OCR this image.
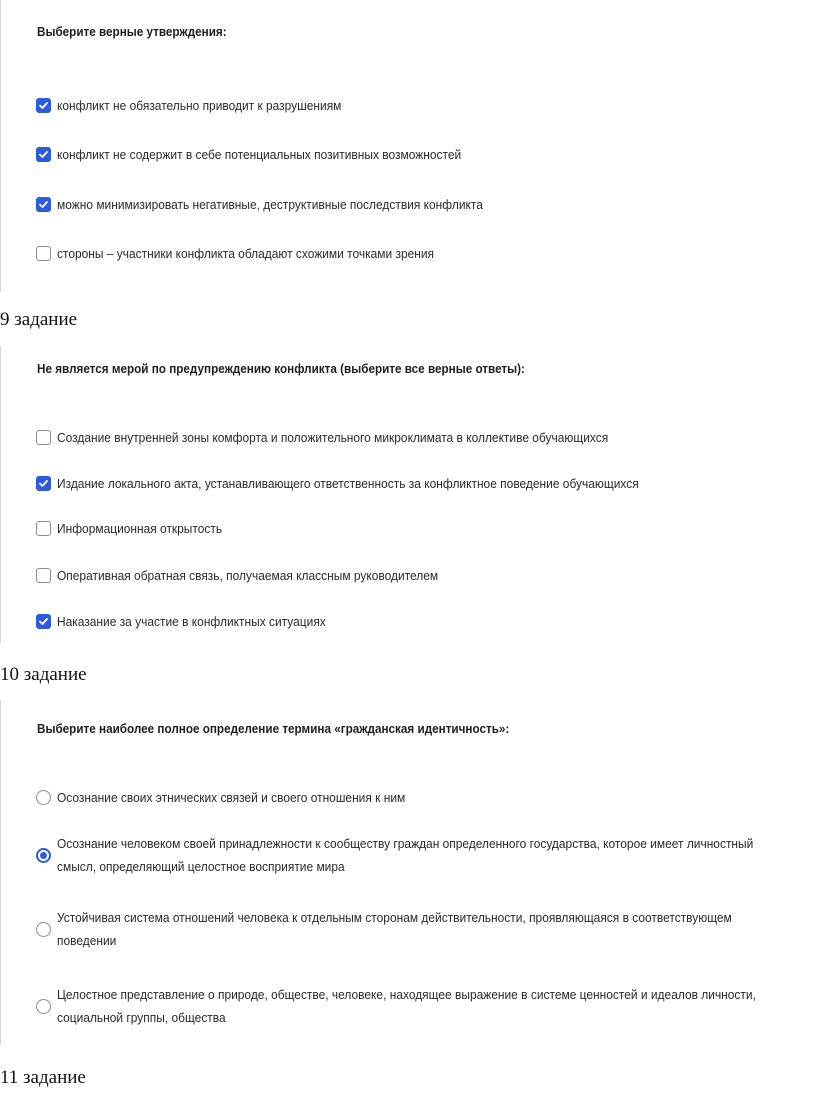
Выберите верные утверждения:
конфликт не обязательно приводит к разрушениям
конфликт не содержит в себе потенциальных позитивных возможностей
можно минимизировать негативные, деструктивные последствия конфликта
стороны – участники конфликта обладают схожими точками зрения
9 задание
Не является мерой по предупреждению конфликта (выберите все верные ответы):
Создание внутренней зоны комфорта и положительного микроклимата в коллективе обучающихся
Издание локального акта, устанавливающего ответственность за конфликтное поведение обучающихся
Информационная открытость
Оперативная обратная связь, получаемая классным руководителем
Наказание за участие в конфликтных ситуациях
10 задание
Выберите наиболее полное определение термина «гражданская идентичность»:
Осознание своих этнических связей и своего отношения к ним
Осознание человеком своей принадлежности к сообществу граждан определенного государства, которое имеет личностный смысл, определяющий целостное восприятие мира
Устойчивая система отношений человека к отдельным сторонам действительности, проявляющаяся в соответствующем поведении
Целостное представление о природе, обществе, человеке, находящее выражение в системе ценностей и идеалов личности, социальной группы, общества
11 задание
